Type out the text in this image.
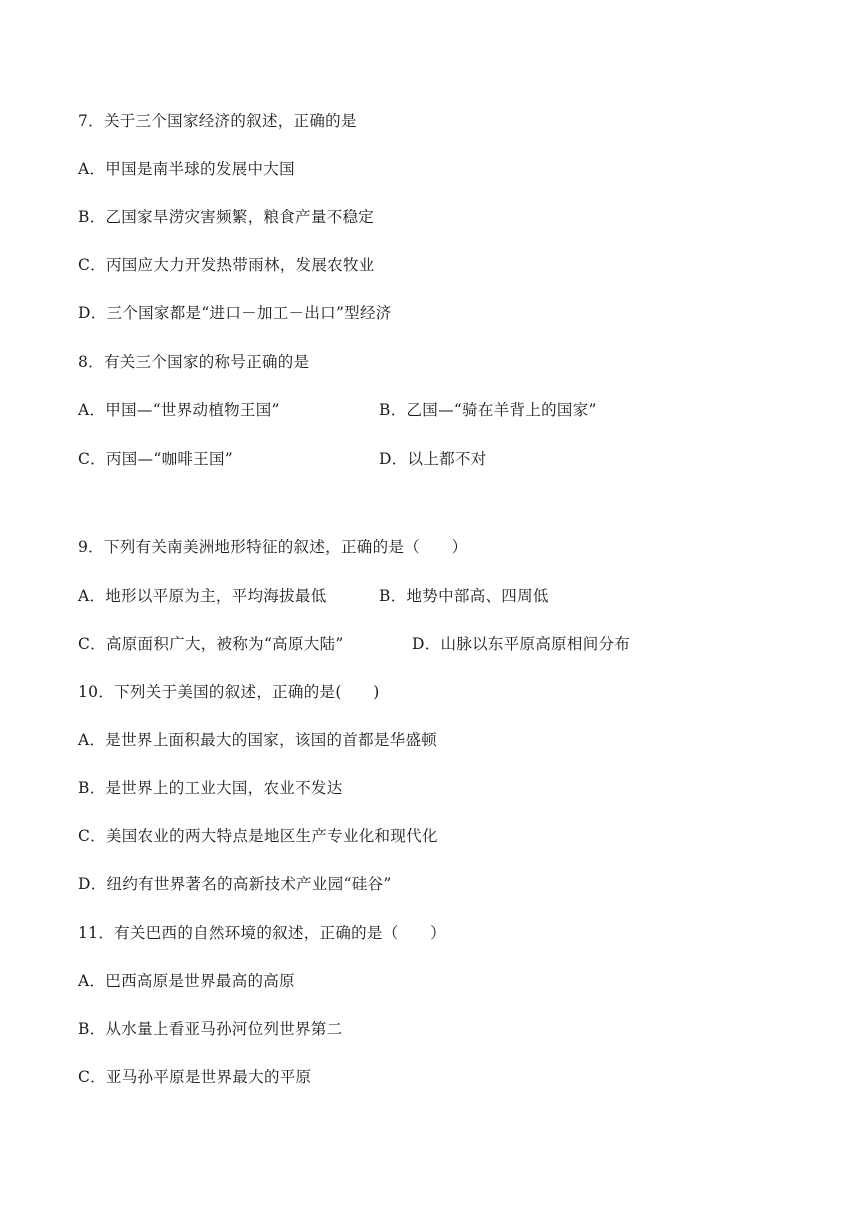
7．关于三个国家经济的叙述，正确的是
A．甲国是南半球的发展中大国
B．乙国家旱涝灾害频繁，粮食产量不稳定
C．丙国应大力开发热带雨林，发展农牧业
D．三个国家都是“进口－加工－出口”型经济
8．有关三个国家的称号正确的是
A．甲国—“世界动植物王国”	B．乙国—“骑在羊背上的国家”
C．丙国—“咖啡王国”	D．以上都不对
9．下列有关南美洲地形特征的叙述，正确的是（　　）
A．地形以平原为主，平均海拔最低	B．地势中部高、四周低
C．高原面积广大，被称为“高原大陆”	D．山脉以东平原高原相间分布
10．下列关于美国的叙述，正确的是(　　)
A．是世界上面积最大的国家，该国的首都是华盛顿
B．是世界上的工业大国，农业不发达
C．美国农业的两大特点是地区生产专业化和现代化
D．纽约有世界著名的高新技术产业园“硅谷”
11．有关巴西的自然环境的叙述，正确的是（　　）
A．巴西高原是世界最高的高原
B．从水量上看亚马孙河位列世界第二
C．亚马孙平原是世界最大的平原
